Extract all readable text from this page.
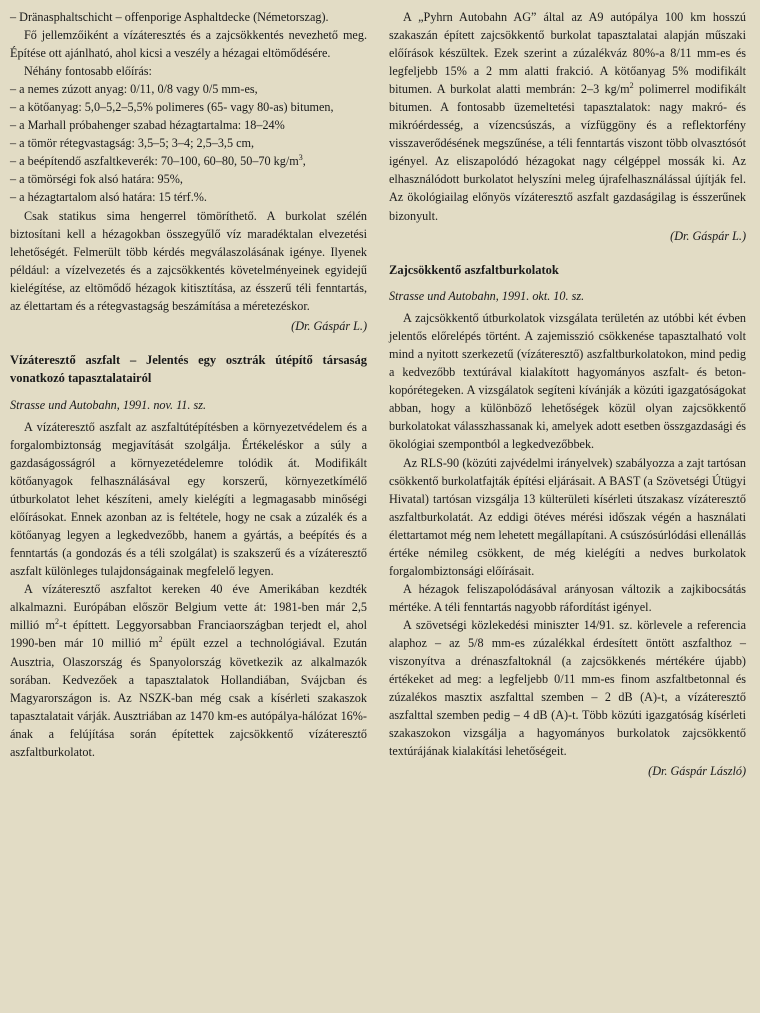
– Dränasphaltschicht – offenporige Asphaltdecke (Németorszag).

Fő jellemzőiként a vízáteresztés és a zajcsökkentés nevezhető meg. Építése ott ajánlható, ahol kicsi a veszély a hézagai eltömődésére.

Néhány fontosabb előírás:

– a nemes zúzott anyag: 0/11, 0/8 vagy 0/5 mm-es,

– a kötőanyag: 5,0–5,2–5,5% polimeres (65- vagy 80-as) bitumen,

– a Marhall próbahenger szabad hézagtartalma: 18–24%

– a tömör rétegvastagság: 3,5–5; 3–4; 2,5–3,5 cm,

– a beépítendő aszfaltkeverék: 70–100, 60–80, 50–70 $kg/m^3$,

– a tömörségi fok alsó határa: 95%,

– a hézagtartalom alsó határa: 15 térf.%.

Csak statikus sima hengerrel tömöríthető. A burkolat szélén biztosítani kell a hézagokban összegyűlő víz maradéktalan elvezetési lehetőségét. Felmerült több kérdés megválaszolásának igénye. Ilyenek például: a vízelvezetés és a zajcsökkentés követelményeinek egyidejű kielégítése, az eltömődő hézagok kitisztítása, az ésszerű téli fenntartás, az élettartam és a rétegvastagság beszámítása a méretezéskor.

(Dr. Gáspár L.)

Vízáteresztő aszfalt – Jelentés egy osztrák útépítő társaság vonatkozó tapasztalatairól

Strasse und Autobahn, 1991. nov. 11. sz.

A vízáteresztő aszfalt az aszfaltútépítésben a környezetvédelem és a forgalombiztonság megjavítását szolgálja. Értékeléskor a súly a gazdaságosságról a környezetédelemre tolódik át. Modifikált kötőanyagok felhasználásával egy korszerű, környezetkímélő útburkolatot lehet készíteni, amely kielégíti a legmagasabb minőségi előírásokat. Ennek azonban az is feltétele, hogy ne csak a zúzalék és a kötőanyag legyen a legkedvezőbb, hanem a gyártás, a beépítés és a fenntartás (a gondozás és a téli szolgálat) is szakszerű és a vízáteresztő aszfalt különleges tulajdonságainak megfelelő legyen.

A vízáteresztő aszfaltot kereken 40 éve Amerikában kezdték alkalmazni. Európában először Belgium vette át: 1981-ben már 2,5 millió $m^2-t$ építtett. Leggyorsabban Franciaországban terjedt el, ahol 1990-ben már 10 millió $m^2$ épült ezzel a technológiával. Ezután Ausztria, Olaszország és Spanyolország következik az alkalmazók sorában. Kedvezőek a tapasztalatok Hollandiában, Svájcban és Magyarországon is. Az NSZK-ban még csak a kísérleti szakaszok tapasztalatait várják. Ausztriában az 1470 km-es autópálya-hálózat 16%-ának a felújítása során építettek zajcsökkentő vízáteresztő aszfaltburkolatot.

A „Pyhrn Autobahn AG” által az A9 autópálya 100 km hosszú szakaszán épített zajcsökkentő burkolat tapasztalatai alapján műszaki előírások készültek. Ezek szerint a zúzalékváz 80%-a 8/11 mm-es és legfeljebb 15% a 2 mm alatti frakció. A kötőanyag 5% modifikált bitumen. A burkolat alatti membrán: 2–3 $kg/m^2$ polimerrel modifikált bitumen. A fontosabb üzemeltetési tapasztalatok: nagy makró- és mikróérdesség, a vízencsúszás, a vízfüggöny és a reflektorfény visszaverődésének megszűnése, a téli fenntartás viszont több olvasztósót igényel. Az eliszapolódó hézagokat nagy célgéppel mossák ki. Az elhasználódott burkolatot helyszíni meleg újrafelhasználással újítják fel. Az ökológiailag előnyös vízáteresztő aszfalt gazdaságilag is ésszerűnek bizonyult.

(Dr. Gáspár L.)

Zajcsökkentő aszfaltburkolatok

Strasse und Autobahn, 1991. okt. 10. sz.

A zajcsökkentő útburkolatok vizsgálata területén az utóbbi két évben jelentős előrelépés történt. A zajemisszió csökkenése tapasztalható volt mind a nyitott szerkezetű (vízáteresztő) aszfaltburkolatokon, mind pedig a kedvezőbb textúrával kialakított hagyományos aszfalt- és beton-kopórétegeken. A vizsgálatok segíteni kívánják a közúti igazgatóságokat abban, hogy a különböző lehetőségek közül olyan zajcsökkentő burkolatokat válasszhassanak ki, amelyek adott esetben összgazdasági és ökológiai szempontból a legkedvezőbbek.

Az RLS-90 (közúti zajvédelmi irányelvek) szabályozza a zajt tartósan csökkentő burkolatfajták építési eljárásait. A BAST (a Szövetségi Útügyi Hivatal) tartósan vizsgálja 13 külterületi kísérleti útszakasz vízáteresztő aszfaltburkolatát. Az eddigi ötéves mérési időszak végén a használati élettartamot még nem lehetett megállapítani. A csúszósúrlódási ellenállás értéke némileg csökkent, de még kielégíti a nedves burkolatok forgalombiztonsági előírásait.

A hézagok feliszapolódásával arányosan változik a zajkibocsátás mértéke. A téli fenntartás nagyobb ráfordítást igényel.

A szövetségi közlekedési miniszter 14/91. sz. körlevele a referencia alaphoz – az 5/8 mm-es zúzalékkal érdesített öntött aszfalthoz – viszonyítva a drénaszfaltoknál (a zajcsökkenés mértékére újabb) értékeket ad meg: a legfeljebb 0/11 mm-es finom aszfaltbetonnal és zúzalékos masztix aszfalttal szemben – 2 dB (A)-t, a vízáteresztő aszfalttal szemben pedig – 4 dB (A)-t. Több közúti igazgatóság kísérleti szakaszokon vizsgálja a hagyományos burkolatok zajcsökkentő textúrájának kialakítási lehetőségeit.

(Dr. Gáspár László)
